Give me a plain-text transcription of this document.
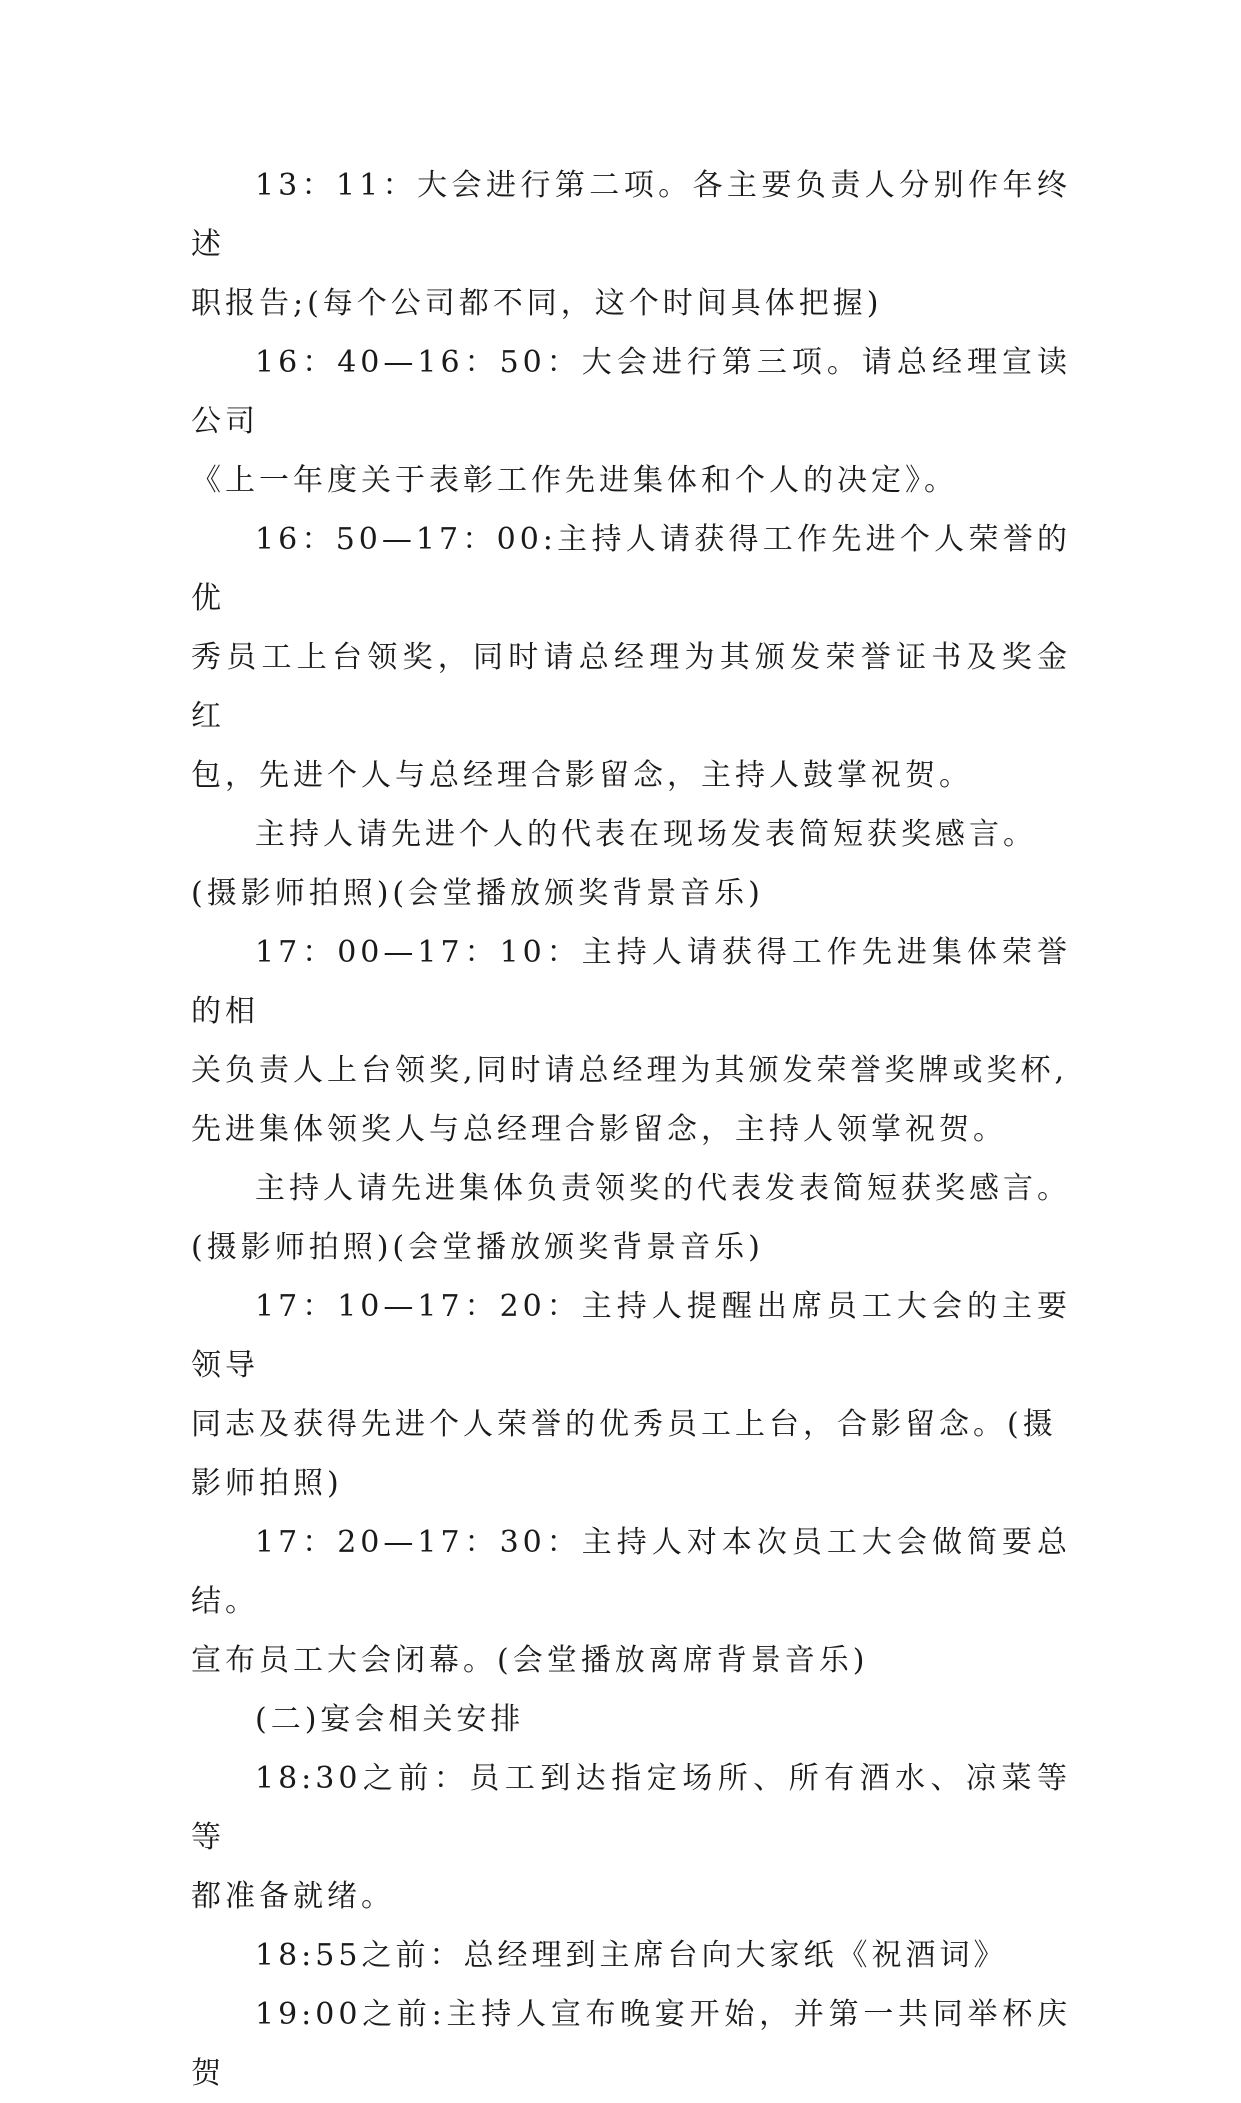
13：11：大会进行第二项。各主要负责人分别作年终述
职报告;(每个公司都不同，这个时间具体把握)

16：40—16：50：大会进行第三项。请总经理宣读公司
《上一年度关于表彰工作先进集体和个人的决定》。

16：50—17：00:主持人请获得工作先进个人荣誉的优
秀员工上台领奖，同时请总经理为其颁发荣誉证书及奖金红
包，先进个人与总经理合影留念，主持人鼓掌祝贺。

主持人请先进个人的代表在现场发表简短获奖感言。
(摄影师拍照)(会堂播放颁奖背景音乐)

17：00—17：10：主持人请获得工作先进集体荣誉的相
关负责人上台领奖,同时请总经理为其颁发荣誉奖牌或奖杯,
先进集体领奖人与总经理合影留念，主持人领掌祝贺。

主持人请先进集体负责领奖的代表发表简短获奖感言。
(摄影师拍照)(会堂播放颁奖背景音乐)

17：10—17：20：主持人提醒出席员工大会的主要领导
同志及获得先进个人荣誉的优秀员工上台，合影留念。(摄
影师拍照)

17：20—17：30：主持人对本次员工大会做简要总结。
宣布员工大会闭幕。(会堂播放离席背景音乐)

(二)宴会相关安排

18:30之前：员工到达指定场所、所有酒水、凉菜等等
都准备就绪。

18:55之前：总经理到主席台向大家纸《祝酒词》

19:00之前:主持人宣布晚宴开始，并第一共同举杯庆贺
